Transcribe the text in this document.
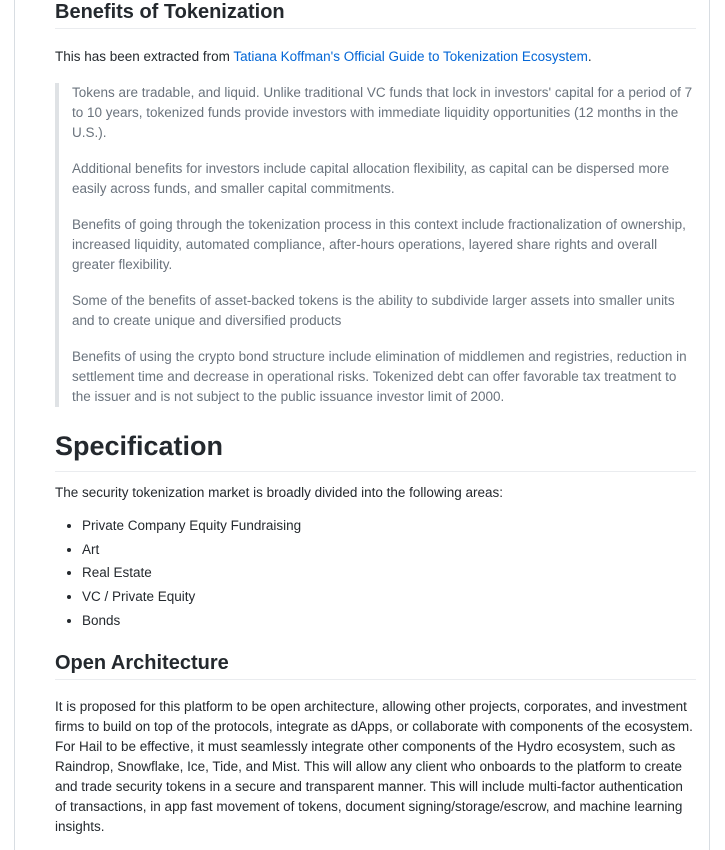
Benefits of Tokenization

This has been extracted from Tatiana Koffman's Official Guide to Tokenization Ecosystem.

Tokens are tradable, and liquid. Unlike traditional VC funds that lock in investors' capital for a period of 7 to 10 years, tokenized funds provide investors with immediate liquidity opportunities (12 months in the U.S.).

Additional benefits for investors include capital allocation flexibility, as capital can be dispersed more easily across funds, and smaller capital commitments.

Benefits of going through the tokenization process in this context include fractionalization of ownership, increased liquidity, automated compliance, after-hours operations, layered share rights and overall greater flexibility.

Some of the benefits of asset-backed tokens is the ability to subdivide larger assets into smaller units and to create unique and diversified products

Benefits of using the crypto bond structure include elimination of middlemen and registries, reduction in settlement time and decrease in operational risks. Tokenized debt can offer favorable tax treatment to the issuer and is not subject to the public issuance investor limit of 2000.

Specification

The security tokenization market is broadly divided into the following areas:

• Private Company Equity Fundraising
• Art
• Real Estate
• VC / Private Equity
• Bonds
Open Architecture

It is proposed for this platform to be open architecture, allowing other projects, corporates, and investment firms to build on top of the protocols, integrate as dApps, or collaborate with components of the ecosystem. For Hail to be effective, it must seamlessly integrate other components of the Hydro ecosystem, such as Raindrop, Snowflake, Ice, Tide, and Mist. This will allow any client who onboards to the platform to create and trade security tokens in a secure and transparent manner. This will include multi-factor authentication of transactions, in app fast movement of tokens, document signing/storage/escrow, and machine learning insights.
